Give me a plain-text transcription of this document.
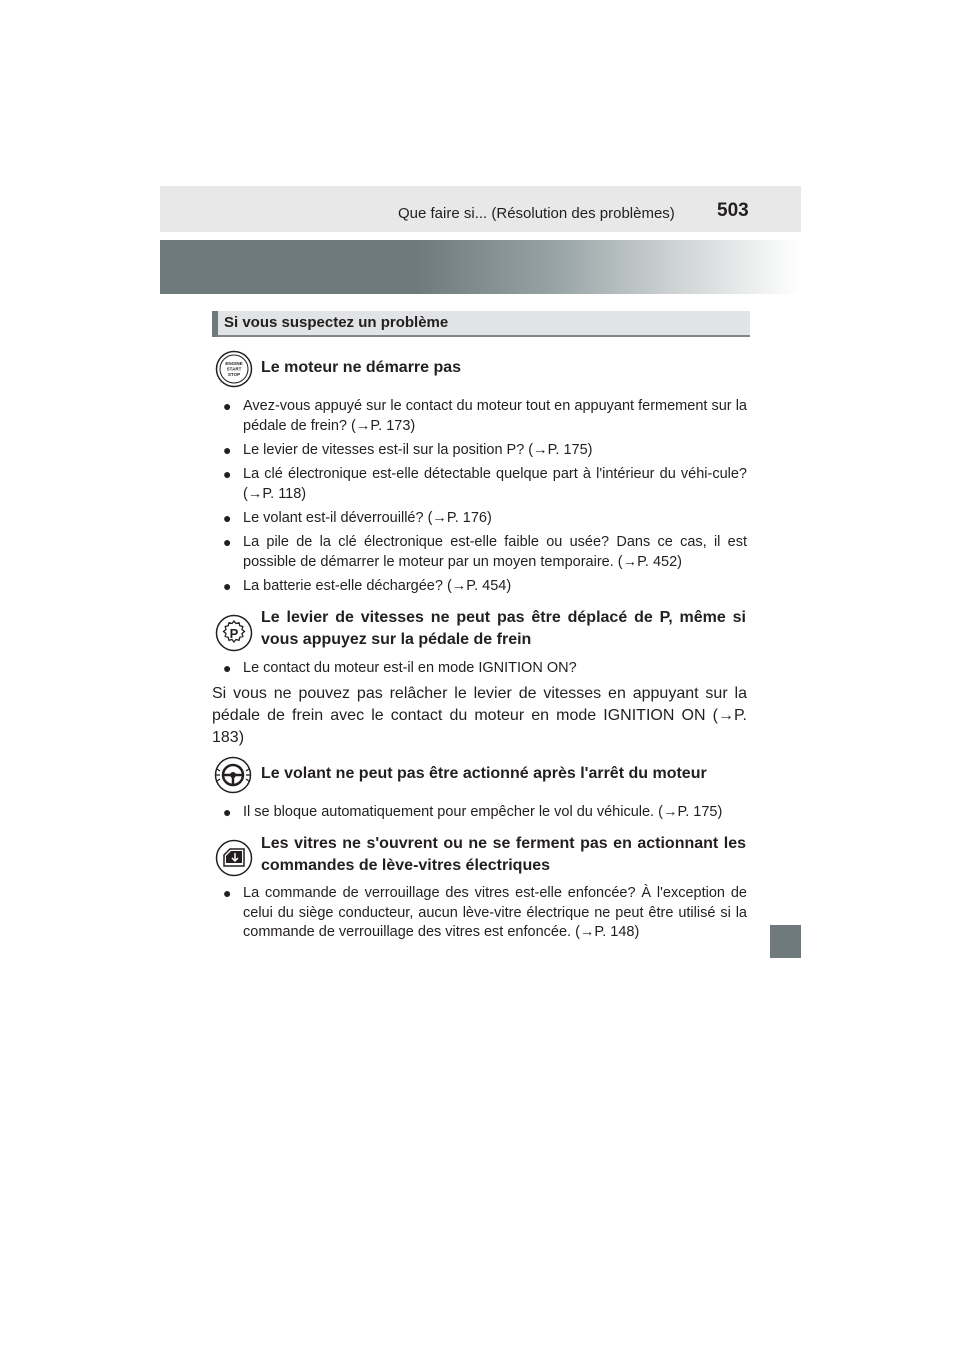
Que faire si... (Résolution des problèmes) 503
Si vous suspectez un problème
ENGINE
START
STOP Le moteur ne démarre pas
● Avez-vous appuyé sur le contact du moteur tout en appuyant fermement sur la pédale de frein? (→P. 173)
● Le levier de vitesses est-il sur la position P? (→P. 175)
● La clé électronique est-elle détectable quelque part à l'intérieur du véhi-cule? (→P. 118)
● Le volant est-il déverrouillé? (→P. 176)
● La pile de la clé électronique est-elle faible ou usée? Dans ce cas, il est possible de démarrer le moteur par un moyen temporaire. (→P. 452)
● La batterie est-elle déchargée? (→P. 454)
P
Le levier de vitesses ne peut pas être déplacé de P, même si vous appuyez sur la pédale de frein
● Le contact du moteur est-il en mode IGNITION ON?
Si vous ne pouvez pas relâcher le levier de vitesses en appuyant sur la pédale de frein avec le contact du moteur en mode IGNITION ON (→P. 183)
Le volant ne peut pas être actionné après l'arrêt du moteur
● Il se bloque automatiquement pour empêcher le vol du véhicule. (→P. 175)
Les vitres ne s'ouvrent ou ne se ferment pas en actionnant les commandes de lève-vitres électriques
● La commande de verrouillage des vitres est-elle enfoncée? À l'exception de celui du siège conducteur, aucun lève-vitre électrique ne peut être utilisé si la commande de verrouillage des vitres est enfoncée. (→P. 148)
